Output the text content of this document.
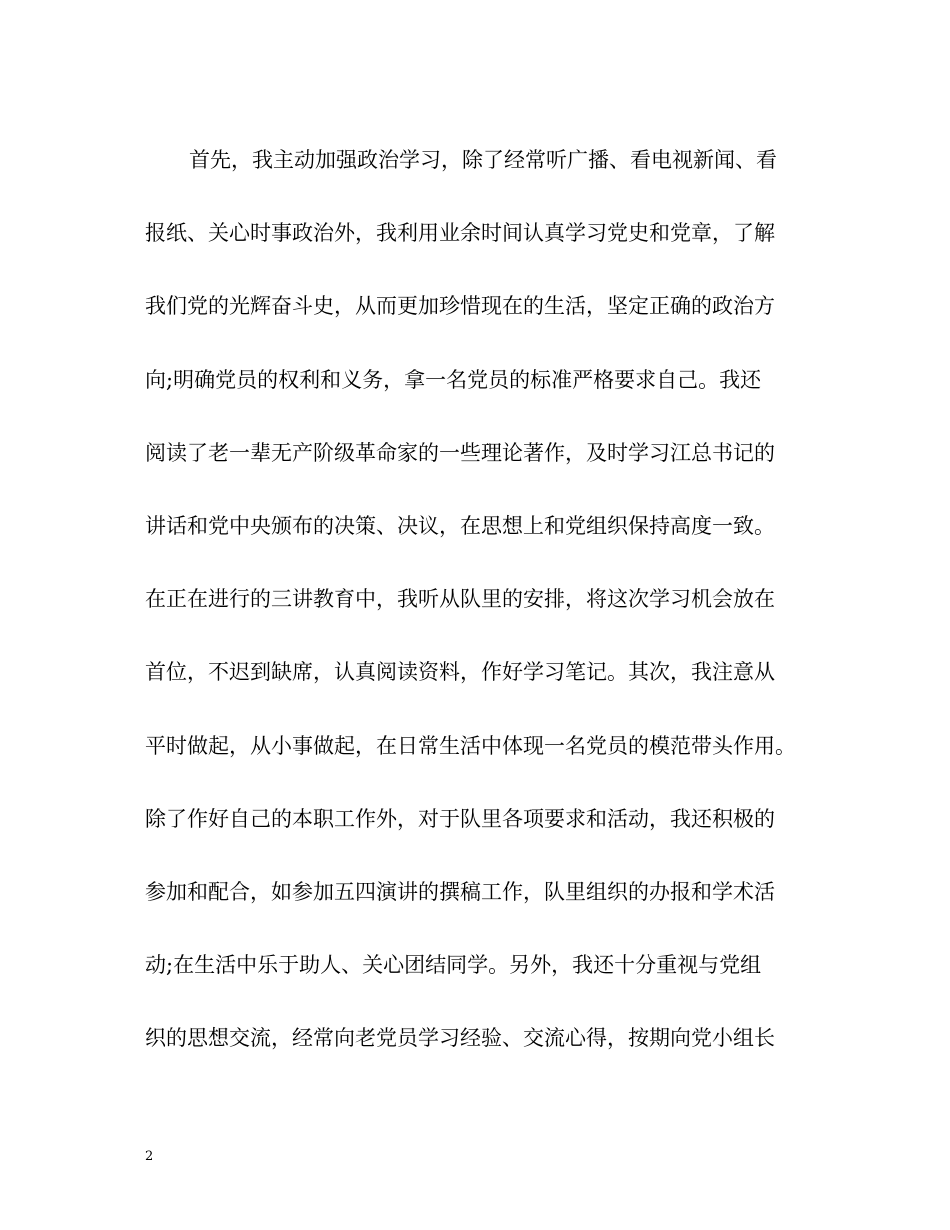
首先，我主动加强政治学习，除了经常听广播、看电视新闻、看
报纸、关心时事政治外，我利用业余时间认真学习党史和党章，了解
我们党的光辉奋斗史，从而更加珍惜现在的生活，坚定正确的政治方
向;明确党员的权利和义务，拿一名党员的标准严格要求自己。我还
阅读了老一辈无产阶级革命家的一些理论著作，及时学习江总书记的
讲话和党中央颁布的决策、决议，在思想上和党组织保持高度一致。
在正在进行的三讲教育中，我听从队里的安排，将这次学习机会放在
首位，不迟到缺席，认真阅读资料，作好学习笔记。其次，我注意从
平时做起，从小事做起，在日常生活中体现一名党员的模范带头作用。
除了作好自己的本职工作外，对于队里各项要求和活动，我还积极的
参加和配合，如参加五四演讲的撰稿工作，队里组织的办报和学术活
动;在生活中乐于助人、关心团结同学。另外，我还十分重视与党组
织的思想交流，经常向老党员学习经验、交流心得，按期向党小组长
2
